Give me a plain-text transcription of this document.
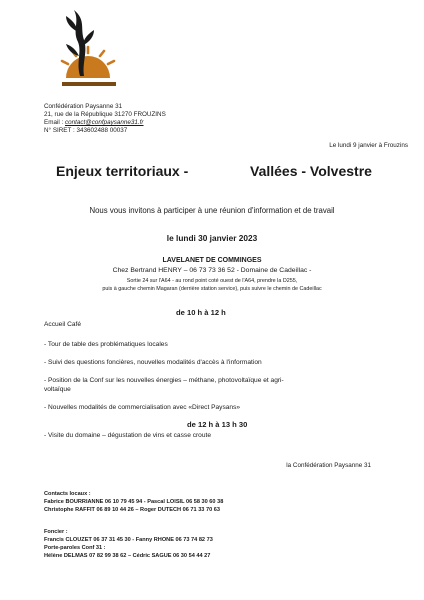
Confédération Paysanne 31
21, rue de la République 31270 FROUZINS
Email : contact@confpaysanne31.fr
N° SIRET : 343602488 00037
Le lundi 9 janvier à Frouzins
Enjeux territoriaux -	Vallées - Volvestre
Nous vous invitons à participer à une réunion d'information et de travail
le lundi 30 janvier 2023
LAVELANET DE COMMINGES
Chez Bertrand HENRY – 06 73 73 36 52 - Domaine de Cadeillac -
Sortie 24 sur l'A64 - au rond point coté ouest de l'A64, prendre la D255,
puis à gauche chemin Magaran (derrière station service), puis suivre le chemin de Cadeillac
de 10 h à 12 h
Accueil Café
- Tour de table des problématiques locales
- Suivi des questions foncières, nouvelles modalités d'accès à l'information
- Position de la Conf sur les nouvelles énergies – méthane, photovoltaïque et agri-
voltaïque
- Nouvelles modalités de commercialisation avec «Direct Paysans»
de 12 h à 13 h 30
- Visite du domaine – dégustation de vins et casse croute
la Confédération Paysanne 31
Contacts locaux :
Fabrice BOURRIANNE 06 10 79 45 94 - Pascal LOISIL 06 58 30 60 38
Christophe RAFFIT 06 89 10 44 26 – Roger DUTECH 06 71 33 70 63
Foncier :
Francis CLOUZET 06 37 31 45 30 - Fanny RHONE 06 73 74 82 73
Porte-paroles Conf 31 :
Hélène DELMAS 07 82 99 38 62 – Cédric SAGUE 06 30 54 44 27
